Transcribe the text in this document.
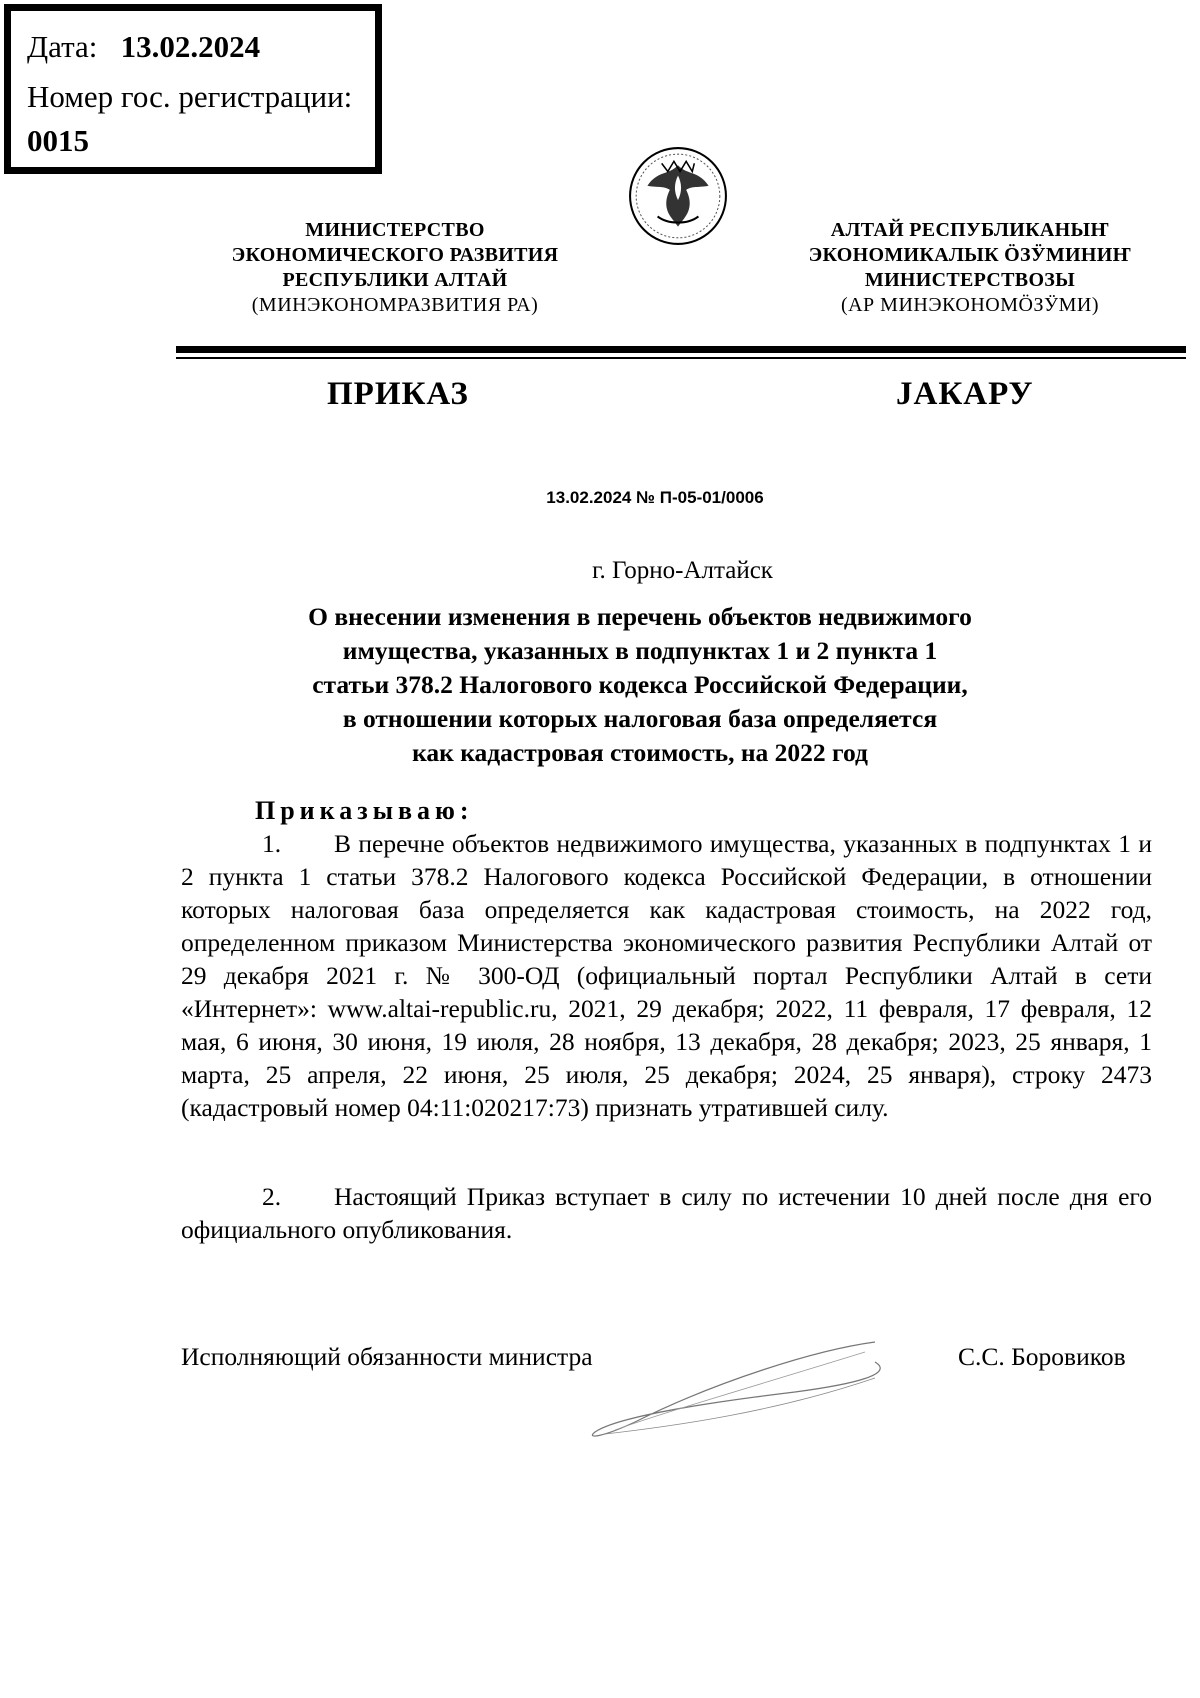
Дата: 13.02.2024
Номер гос. регистрации:
0015
МИНИСТЕРСТВО
ЭКОНОМИЧЕСКОГО РАЗВИТИЯ
РЕСПУБЛИКИ АЛТАЙ
(МИНЭКОНОМРАЗВИТИЯ РА)
АЛТАЙ РЕСПУБЛИКАНЫҤ
ЭКОНОМИКАЛЫК ӦЗӰМИНИҤ
МИНИСТЕРСТВОЗЫ
(АР МИНЭКОНОМӦЗӰМИ)
ПРИКАЗ	ЈАКАРУ
13.02.2024 № П-05-01/0006
г. Горно-Алтайск
О внесении изменения в перечень объектов недвижимого
имущества, указанных в подпунктах 1 и 2 пункта 1
статьи 378.2 Налогового кодекса Российской Федерации,
в отношении которых налоговая база определяется
как кадастровая стоимость, на 2022 год
Приказываю:
1. В перечне объектов недвижимого имущества, указанных в подпунктах 1 и 2 пункта 1 статьи 378.2 Налогового кодекса Российской Федерации, в отношении которых налоговая база определяется как кадастровая стоимость, на 2022 год, определенном приказом Министерства экономического развития Республики Алтай от 29 декабря 2021 г. № 300-ОД (официальный портал Республики Алтай в сети «Интернет»: www.altai-republic.ru, 2021, 29 декабря; 2022, 11 февраля, 17 февраля, 12 мая, 6 июня, 30 июня, 19 июля, 28 ноября, 13 декабря, 28 декабря; 2023, 25 января, 1 марта, 25 апреля, 22 июня, 25 июля, 25 декабря; 2024, 25 января), строку 2473 (кадастровый номер 04:11:020217:73) признать утратившей силу.
2. Настоящий Приказ вступает в силу по истечении 10 дней после дня его официального опубликования.
Исполняющий обязанности министра	С.С. Боровиков
